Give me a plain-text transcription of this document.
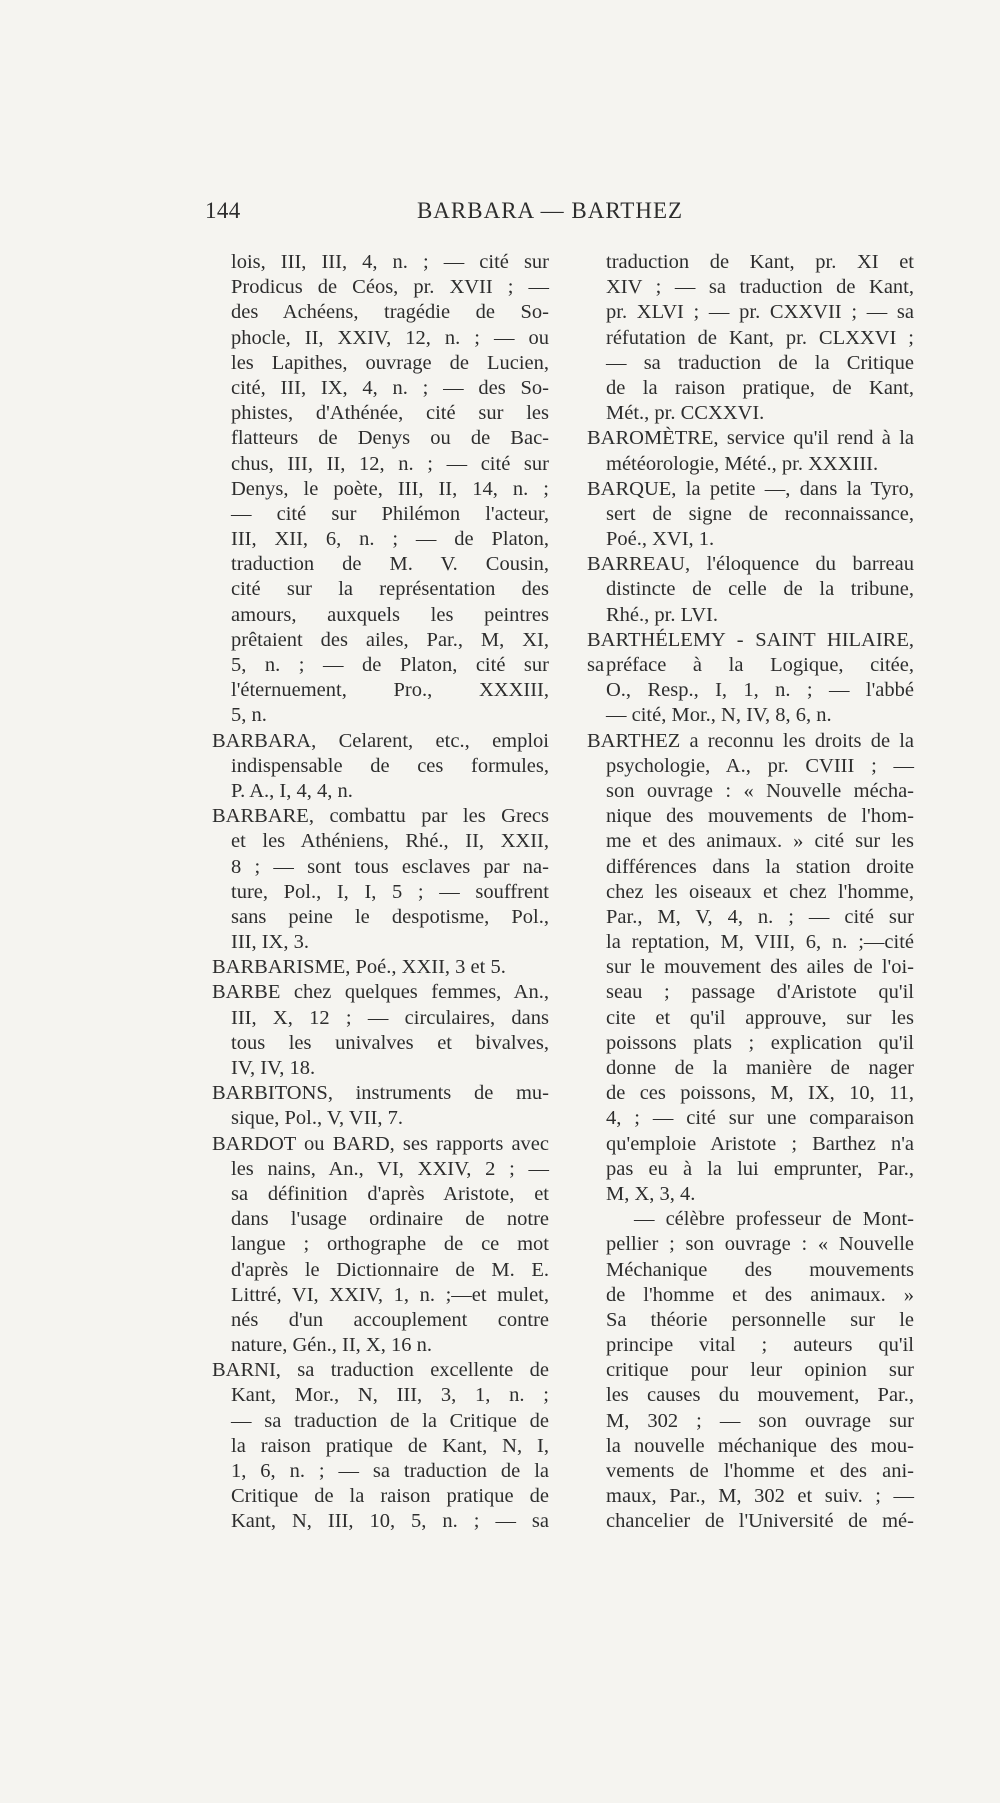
144	BARBARA — BARTHEZ
lois, III, III, 4, n. ; — cité sur
Prodicus de Céos, pr. XVII ; —
des Achéens, tragédie de So-
phocle, II, XXIV, 12, n. ; — ou
les Lapithes, ouvrage de Lucien,
cité, III, IX, 4, n. ; — des So-
phistes, d'Athénée, cité sur les
flatteurs de Denys ou de Bac-
chus, III, II, 12, n. ; — cité sur
Denys, le poète, III, II, 14, n. ;
— cité sur Philémon l'acteur,
III, XII, 6, n. ; — de Platon,
traduction de M. V. Cousin,
cité sur la représentation des
amours, auxquels les peintres
prêtaient des ailes, Par., M, XI,
5, n. ; — de Platon, cité sur
l'éternuement, Pro., XXXIII,
5, n.
BARBARA, Celarent, etc., emploi
indispensable de ces formules,
P. A., I, 4, 4, n.
BARBARE, combattu par les Grecs
et les Athéniens, Rhé., II, XXII,
8 ; — sont tous esclaves par na-
ture, Pol., I, I, 5 ; — souffrent
sans peine le despotisme, Pol.,
III, IX, 3.
BARBARISME, Poé., XXII, 3 et 5.
BARBE chez quelques femmes, An.,
III, X, 12 ; — circulaires, dans
tous les univalves et bivalves,
IV, IV, 18.
BARBITONS, instruments de mu-
sique, Pol., V, VII, 7.
BARDOT ou BARD, ses rapports avec
les nains, An., VI, XXIV, 2 ; —
sa définition d'après Aristote, et
dans l'usage ordinaire de notre
langue ; orthographe de ce mot
d'après le Dictionnaire de M. E.
Littré, VI, XXIV, 1, n. ;—et mulet,
nés d'un accouplement contre
nature, Gén., II, X, 16 n.
BARNI, sa traduction excellente de
Kant, Mor., N, III, 3, 1, n. ;
— sa traduction de la Critique de
la raison pratique de Kant, N, I,
1, 6, n. ; — sa traduction de la
Critique de la raison pratique de
Kant, N, III, 10, 5, n. ; — sa
traduction de Kant, pr. XI et
XIV ; — sa traduction de Kant,
pr. XLVI ; — pr. CXXVII ; — sa
réfutation de Kant, pr. CLXXVI ;
— sa traduction de la Critique
de la raison pratique, de Kant,
Mét., pr. CCXXVI.
BAROMÈTRE, service qu'il rend à la
météorologie, Mété., pr. XXXIII.
BARQUE, la petite —, dans la Tyro,
sert de signe de reconnaissance,
Poé., XVI, 1.
BARREAU, l'éloquence du barreau
distincte de celle de la tribune,
Rhé., pr. LVI.
BARTHÉLEMY - SAINT HILAIRE, sa préface à la Logique, citée,
O., Resp., I, 1, n. ; — l'abbé
— cité, Mor., N, IV, 8, 6, n.
BARTHEZ a reconnu les droits de la
psychologie, A., pr. CVIII ; —
son ouvrage : « Nouvelle mécha-
nique des mouvements de l'hom-
me et des animaux. » cité sur les
différences dans la station droite
chez les oiseaux et chez l'homme,
Par., M, V, 4, n. ; — cité sur
la reptation, M, VIII, 6, n. ;—cité
sur le mouvement des ailes de l'oi-
seau ; passage d'Aristote qu'il
cite et qu'il approuve, sur les
poissons plats ; explication qu'il
donne de la manière de nager
de ces poissons, M, IX, 10, 11,
4, ; — cité sur une comparaison
qu'emploie Aristote ; Barthez n'a
pas eu à la lui emprunter, Par.,
M, X, 3, 4.
— célèbre professeur de Mont-
pellier ; son ouvrage : « Nouvelle
Méchanique des mouvements
de l'homme et des animaux. »
Sa théorie personnelle sur le
principe vital ; auteurs qu'il
critique pour leur opinion sur
les causes du mouvement, Par.,
M, 302 ; — son ouvrage sur
la nouvelle méchanique des mou-
vements de l'homme et des ani-
maux, Par., M, 302 et suiv. ; —
chancelier de l'Université de mé-
